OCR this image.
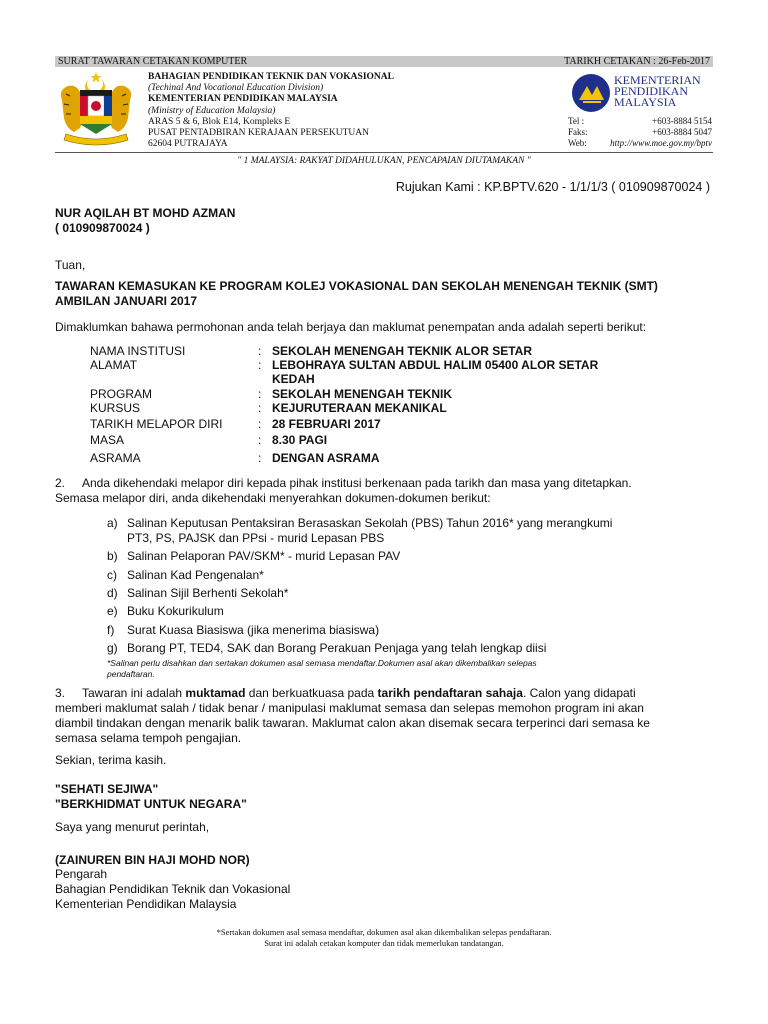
SURAT TAWARAN CETAKAN KOMPUTER	TARIKH CETAKAN : 26-Feb-2017
BAHAGIAN PENDIDIKAN TEKNIK DAN VOKASIONAL
(Techinal And Vocational Education Division)
KEMENTERIAN PENDIDIKAN MALAYSIA
(Ministry of Education Malaysia)
ARAS 5 & 6, Blok E14, Kompleks E
PUSAT PENTADBIRAN KERAJAAN PERSEKUTUAN
62604 PUTRAJAYA
KEMENTERIAN
PENDIDIKAN
MALAYSIA
Tel :	+603-8884 5154
Faks:	+603-8884 5047
Web:	http://www.moe.gov.my/bptv
" 1 MALAYSIA: RAKYAT DIDAHULUKAN, PENCAPAIAN DIUTAMAKAN "
Rujukan Kami : KP.BPTV.620 - 1/1/1/3 ( 010909870024 )
NUR AQILAH BT MOHD AZMAN
( 010909870024 )
Tuan,
TAWARAN KEMASUKAN KE PROGRAM KOLEJ VOKASIONAL DAN SEKOLAH MENENGAH TEKNIK (SMT)
AMBILAN JANUARI 2017
Dimaklumkan bahawa permohonan anda telah berjaya dan maklumat penempatan anda adalah seperti berikut:
NAMA INSTITUSI	: SEKOLAH MENENGAH TEKNIK ALOR SETAR
ALAMAT	: LEBOHRAYA SULTAN ABDUL HALIM 05400 ALOR SETAR
KEDAH
PROGRAM	: SEKOLAH MENENGAH TEKNIK
KURSUS	: KEJURUTERAAN MEKANIKAL
TARIKH MELAPOR DIRI	: 28 FEBRUARI 2017
MASA	: 8.30 PAGI
ASRAMA	: DENGAN ASRAMA
2. Anda dikehendaki melapor diri kepada pihak institusi berkenaan pada tarikh dan masa yang ditetapkan.
Semasa melapor diri, anda dikehendaki menyerahkan dokumen-dokumen berikut:
a) Salinan Keputusan Pentaksiran Berasaskan Sekolah (PBS) Tahun 2016* yang merangkumi
PT3, PS, PAJSK dan PPsi - murid Lepasan PBS
b) Salinan Pelaporan PAV/SKM* - murid Lepasan PAV
c) Salinan Kad Pengenalan*
d) Salinan Sijil Berhenti Sekolah*
e) Buku Kokurikulum
f) Surat Kuasa Biasiswa (jika menerima biasiswa)
g) Borang PT, TED4, SAK dan Borang Perakuan Penjaga yang telah lengkap diisi
*Salinan perlu disahkan dan sertakan dokumen asal semasa mendaftar.Dokumen asal akan dikembalikan selepas
pendaftaran.
3. Tawaran ini adalah muktamad dan berkuatkuasa pada tarikh pendaftaran sahaja. Calon yang didapati
memberi maklumat salah / tidak benar / manipulasi maklumat semasa dan selepas memohon program ini akan
diambil tindakan dengan menarik balik tawaran. Maklumat calon akan disemak secara terperinci dari semasa ke
semasa selama tempoh pengajian.
Sekian, terima kasih.
"SEHATI SEJIWA"
"BERKHIDMAT UNTUK NEGARA"
Saya yang menurut perintah,
(ZAINUREN BIN HAJI MOHD NOR)
Pengarah
Bahagian Pendidikan Teknik dan Vokasional
Kementerian Pendidikan Malaysia
*Sertakan dokumen asal semasa mendaftar, dokumen asal akan dikembalikan selepas pendaftaran.
Surat ini adalah cetakan komputer dan tidak memerlukan tandatangan.
